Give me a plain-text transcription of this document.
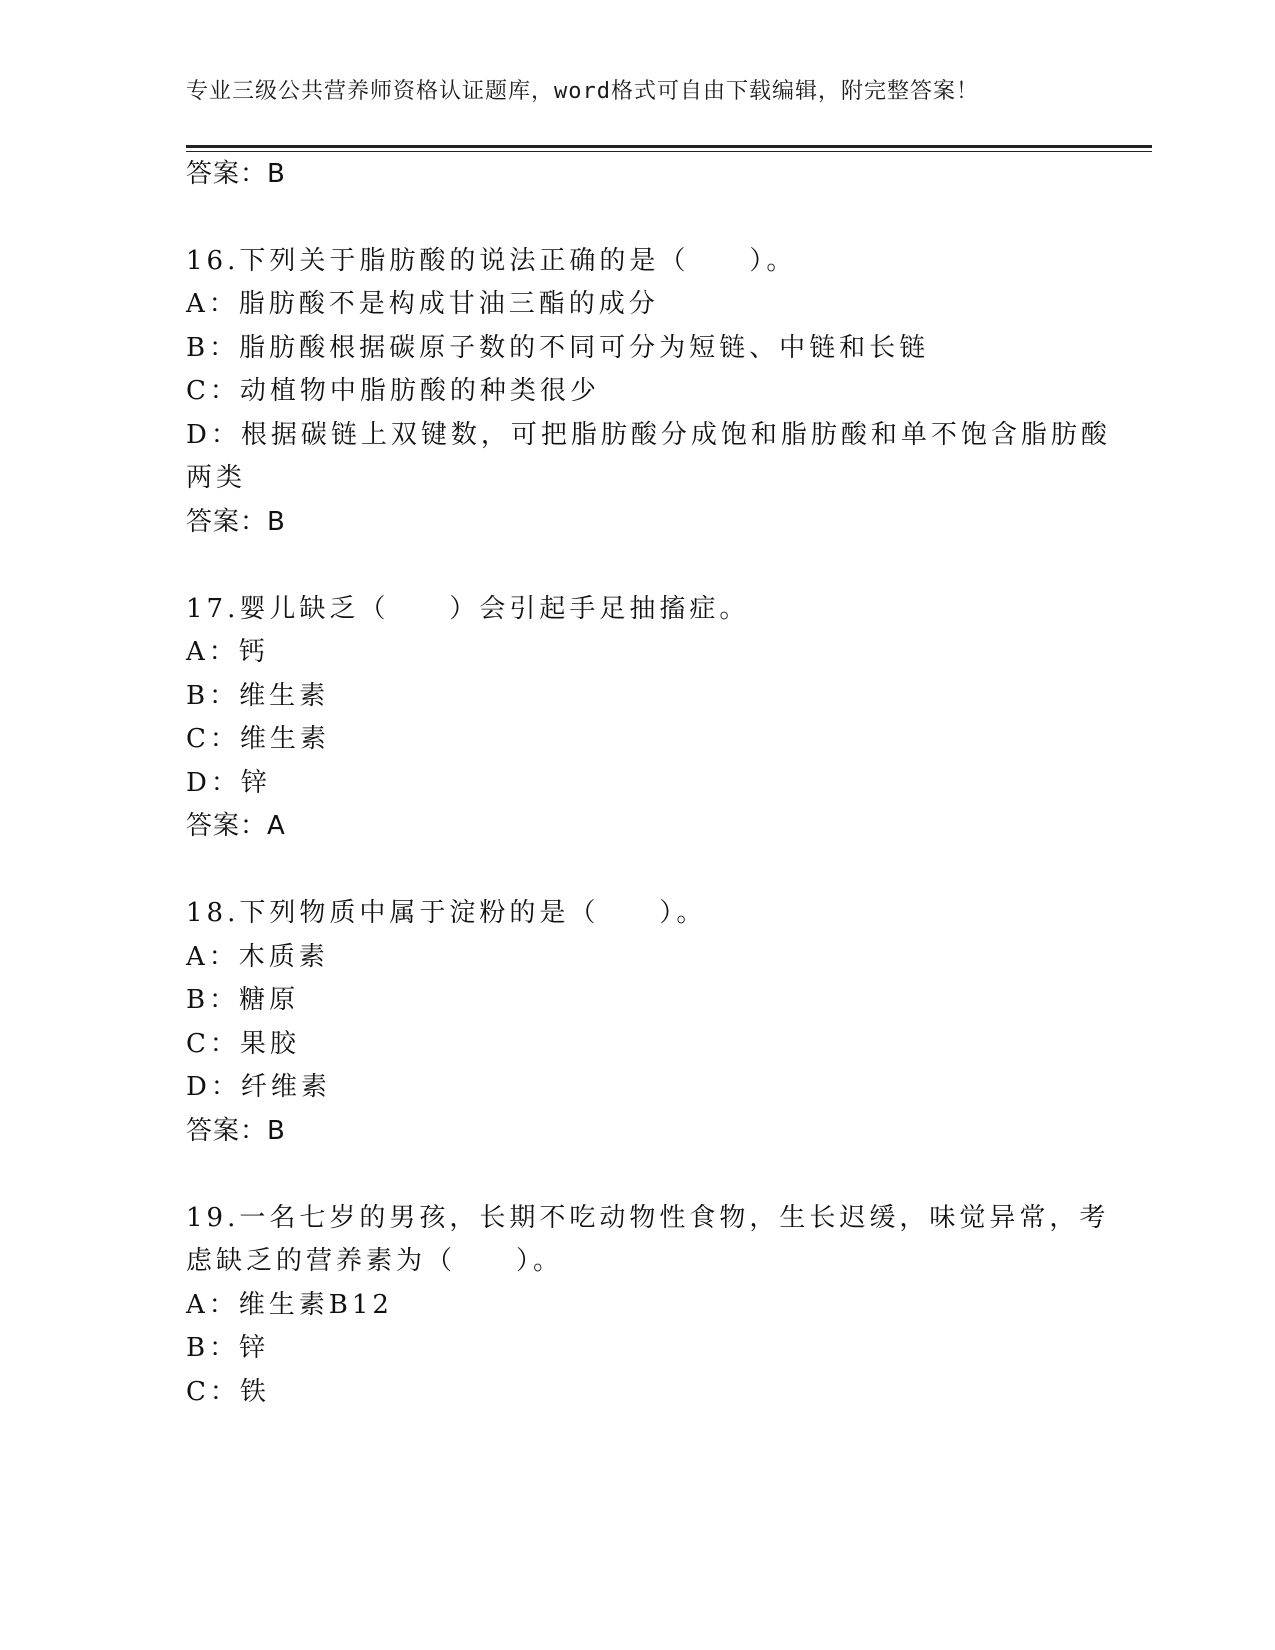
专业三级公共营养师资格认证题库，word格式可自由下载编辑，附完整答案！
答案：B
16.下列关于脂肪酸的说法正确的是（　　）。
A：脂肪酸不是构成甘油三酯的成分
B：脂肪酸根据碳原子数的不同可分为短链、中链和长链
C：动植物中脂肪酸的种类很少
D：根据碳链上双键数，可把脂肪酸分成饱和脂肪酸和单不饱含脂肪酸
两类
答案：B
17.婴儿缺乏（　　）会引起手足抽搐症。
A：钙
B：维生素
C：维生素
D：锌
答案：A
18.下列物质中属于淀粉的是（　　）。
A：木质素
B：糖原
C：果胶
D：纤维素
答案：B
19.一名七岁的男孩，长期不吃动物性食物，生长迟缓，味觉异常，考
虑缺乏的营养素为（　　）。
A：维生素B12
B：锌
C：铁
